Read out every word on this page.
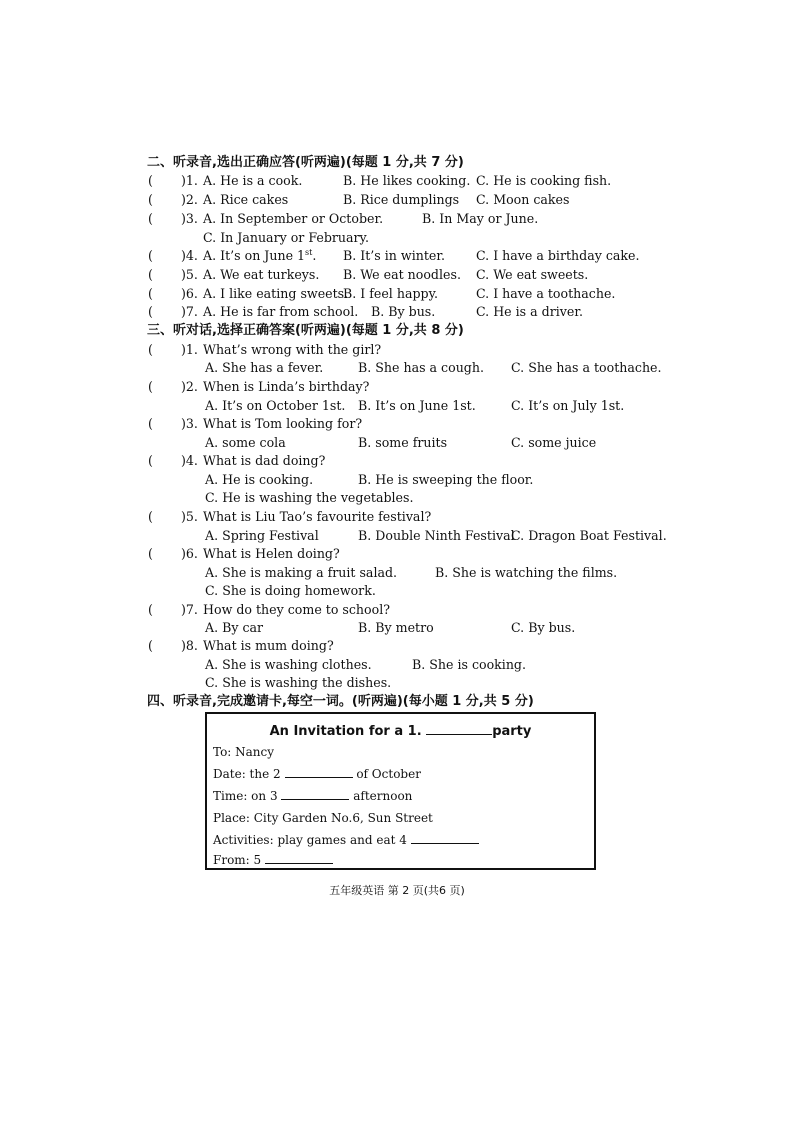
二、听录音,选出正确应答(听两遍)(每题 1 分,共 7 分)
( )1. A. He is a cook.	B. He likes cooking. C. He is cooking fish.
( )2. A. Rice cakes	B. Rice dumplings C. Moon cakes
( )3. A. In September or October.	B. In May or June.
C. In January or February.
( )4. A. It’s on June 1st. B. It’s in winter. C. I have a birthday cake.
( )5. A. We eat turkeys. B. We eat noodles. C. We eat sweets.
( )6. A. I like eating sweets.
B. I feel happy.	C. I have a toothache.
( )7. A. He is far from school. B. By bus.	C. He is a driver.
三、听对话,选择正确答案(听两遍)(每题 1 分,共 8 分)
( )1. What’s wrong with the girl?
A. She has a fever.	B. She has a cough. C. She has a toothache.
( )2. When is Linda’s birthday?
A. It’s on October 1st. B. It’s on June 1st.	C. It’s on July 1st.
( )3. What is Tom looking for?
A. some cola	B. some fruits	C. some juice
( )4. What is dad doing?
A. He is cooking.	B. He is sweeping the floor.
C. He is washing the vegetables.
( )5. What is Liu Tao’s favourite festival?
A. Spring Festival	B. Double Ninth Festival
C. Dragon Boat Festival.
( )6. What is Helen doing?
A. She is making a fruit salad.	B. She is watching the films.
C. She is doing homework.
( )7. How do they come to school?
A. By car	B. By metro	C. By bus.
( )8. What is mum doing?
A. She is washing clothes.	B. She is cooking.
C. She is washing the dishes.
四、听录音,完成邀请卡,每空一词。(听两遍)(每小题 1 分,共 5 分)
An Invitation for a 1.	party
To: Nancy
Date: the 2	of October
Time: on 3	afternoon
Place: City Garden No.6, Sun Street
Activities: play games and eat 4
From: 5
五年级英语 第 2 页(共6 页)
